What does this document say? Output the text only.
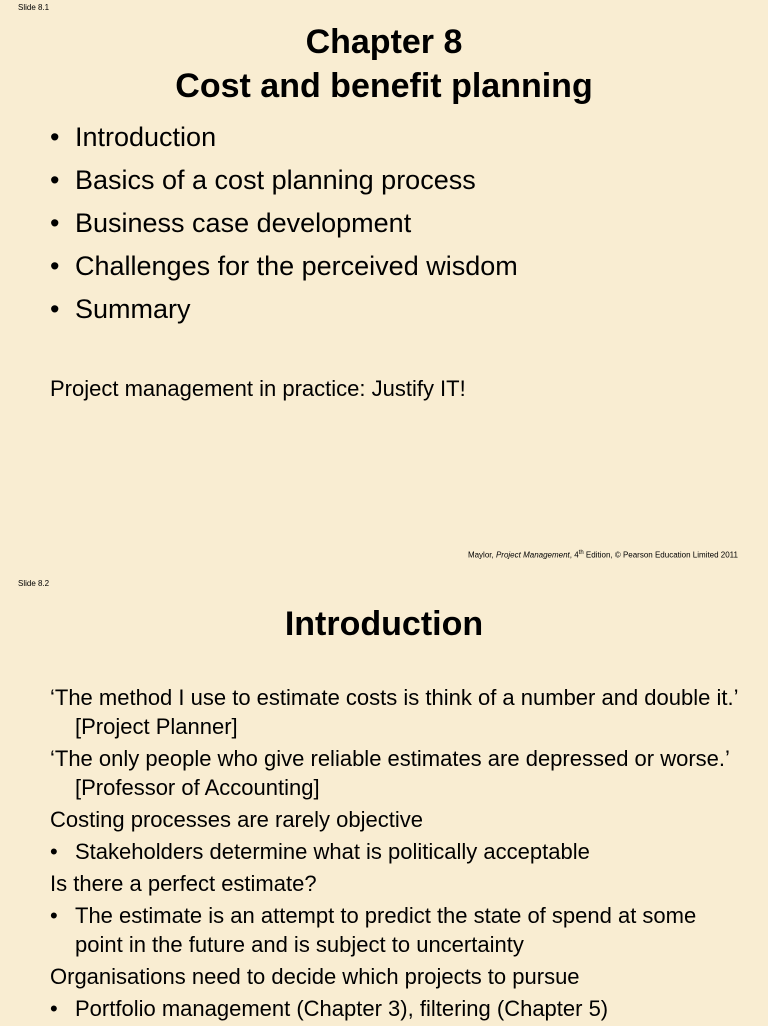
Slide 8.1
Chapter 8
Cost and benefit planning
• Introduction
• Basics of a cost planning process
• Business case development
• Challenges for the perceived wisdom
• Summary
Project management in practice: Justify IT!
Maylor, Project Management, 4th Edition, © Pearson Education Limited 2011
Slide 8.2
Introduction
‘The method I use to estimate costs is think of a number and double it.’ [Project Planner]
‘The only people who give reliable estimates are depressed or worse.’ [Professor of Accounting]
Costing processes are rarely objective
• Stakeholders determine what is politically acceptable
Is there a perfect estimate?
• The estimate is an attempt to predict the state of spend at some point in the future and is subject to uncertainty
Organisations need to decide which projects to pursue
• Portfolio management (Chapter 3), filtering (Chapter 5)
